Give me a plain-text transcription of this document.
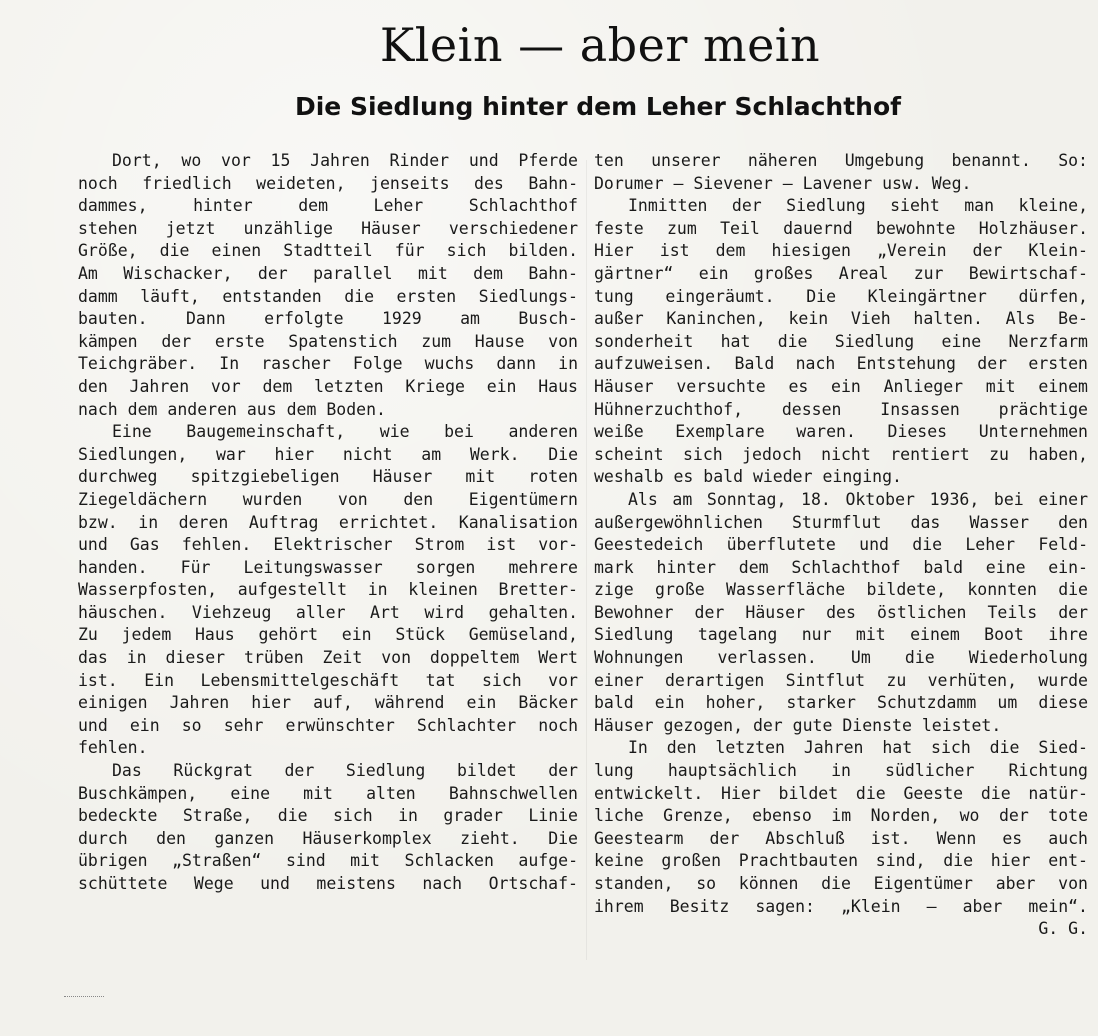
Klein — aber mein
Die Siedlung hinter dem Leher Schlachthof
Dort, wo vor 15 Jahren Rinder und Pferde
noch friedlich weideten, jenseits des Bahn-
dammes, hinter dem Leher Schlachthof
stehen jetzt unzählige Häuser verschiedener
Größe, die einen Stadtteil für sich bilden.
Am Wischacker, der parallel mit dem Bahn-
damm läuft, entstanden die ersten Siedlungs-
bauten. Dann erfolgte 1929 am Busch-
kämpen der erste Spatenstich zum Hause von
Teichgräber. In rascher Folge wuchs dann in
den Jahren vor dem letzten Kriege ein Haus
nach dem anderen aus dem Boden.
Eine Baugemeinschaft, wie bei anderen
Siedlungen, war hier nicht am Werk. Die
durchweg spitzgiebeligen Häuser mit roten
Ziegeldächern wurden von den Eigentümern
bzw. in deren Auftrag errichtet. Kanalisation
und Gas fehlen. Elektrischer Strom ist vor-
handen. Für Leitungswasser sorgen mehrere
Wasserpfosten, aufgestellt in kleinen Bretter-
häuschen. Viehzeug aller Art wird gehalten.
Zu jedem Haus gehört ein Stück Gemüseland,
das in dieser trüben Zeit von doppeltem Wert
ist. Ein Lebensmittelgeschäft tat sich vor
einigen Jahren hier auf, während ein Bäcker
und ein so sehr erwünschter Schlachter noch
fehlen.
Das Rückgrat der Siedlung bildet der
Buschkämpen, eine mit alten Bahnschwellen
bedeckte Straße, die sich in grader Linie
durch den ganzen Häuserkomplex zieht. Die
übrigen „Straßen“ sind mit Schlacken aufge-
schüttete Wege und meistens nach Ortschaf-
ten unserer näheren Umgebung benannt. So:
Dorumer — Sievener — Lavener usw. Weg.
Inmitten der Siedlung sieht man kleine,
feste zum Teil dauernd bewohnte Holzhäuser.
Hier ist dem hiesigen „Verein der Klein-
gärtner“ ein großes Areal zur Bewirtschaf-
tung eingeräumt. Die Kleingärtner dürfen,
außer Kaninchen, kein Vieh halten. Als Be-
sonderheit hat die Siedlung eine Nerzfarm
aufzuweisen. Bald nach Entstehung der ersten
Häuser versuchte es ein Anlieger mit einem
Hühnerzuchthof, dessen Insassen prächtige
weiße Exemplare waren. Dieses Unternehmen
scheint sich jedoch nicht rentiert zu haben,
weshalb es bald wieder einging.
Als am Sonntag, 18. Oktober 1936, bei einer
außergewöhnlichen Sturmflut das Wasser den
Geestedeich überflutete und die Leher Feld-
mark hinter dem Schlachthof bald eine ein-
zige große Wasserfläche bildete, konnten die
Bewohner der Häuser des östlichen Teils der
Siedlung tagelang nur mit einem Boot ihre
Wohnungen verlassen. Um die Wiederholung
einer derartigen Sintflut zu verhüten, wurde
bald ein hoher, starker Schutzdamm um diese
Häuser gezogen, der gute Dienste leistet.
In den letzten Jahren hat sich die Sied-
lung hauptsächlich in südlicher Richtung
entwickelt. Hier bildet die Geeste die natür-
liche Grenze, ebenso im Norden, wo der tote
Geestearm der Abschluß ist. Wenn es auch
keine großen Prachtbauten sind, die hier ent-
standen, so können die Eigentümer aber von
ihrem Besitz sagen: „Klein — aber mein“.
G. G.
